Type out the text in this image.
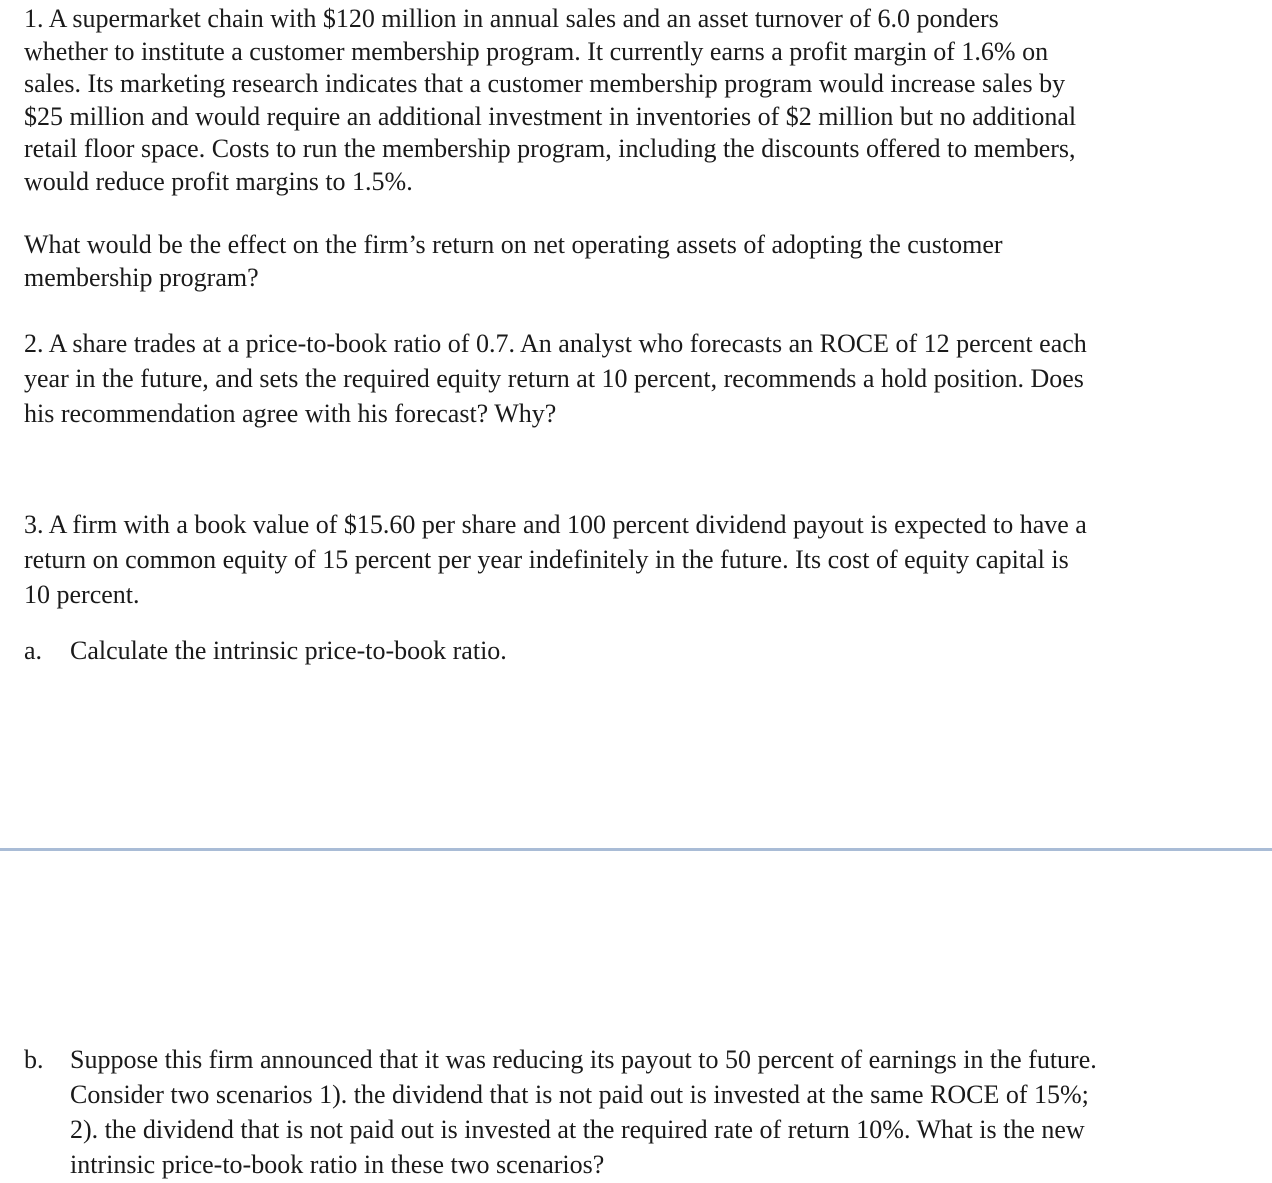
1. A supermarket chain with $120 million in annual sales and an asset turnover of 6.0 ponders
whether to institute a customer membership program. It currently earns a profit margin of 1.6% on
sales. Its marketing research indicates that a customer membership program would increase sales by
$25 million and would require an additional investment in inventories of $2 million but no additional
retail floor space. Costs to run the membership program, including the discounts offered to members,
would reduce profit margins to 1.5%.

What would be the effect on the firm’s return on net operating assets of adopting the customer
membership program?

2. A share trades at a price-to-book ratio of 0.7. An analyst who forecasts an ROCE of 12 percent each
year in the future, and sets the required equity return at 10 percent, recommends a hold position. Does
his recommendation agree with his forecast? Why?

3. A firm with a book value of $15.60 per share and 100 percent dividend payout is expected to have a
return on common equity of 15 percent per year indefinitely in the future. Its cost of equity capital is
10 percent.

a. Calculate the intrinsic price-to-book ratio.
b. Suppose this firm announced that it was reducing its payout to 50 percent of earnings in the future.
Consider two scenarios 1). the dividend that is not paid out is invested at the same ROCE of 15%;
2). the dividend that is not paid out is invested at the required rate of return 10%. What is the new
intrinsic price-to-book ratio in these two scenarios?
